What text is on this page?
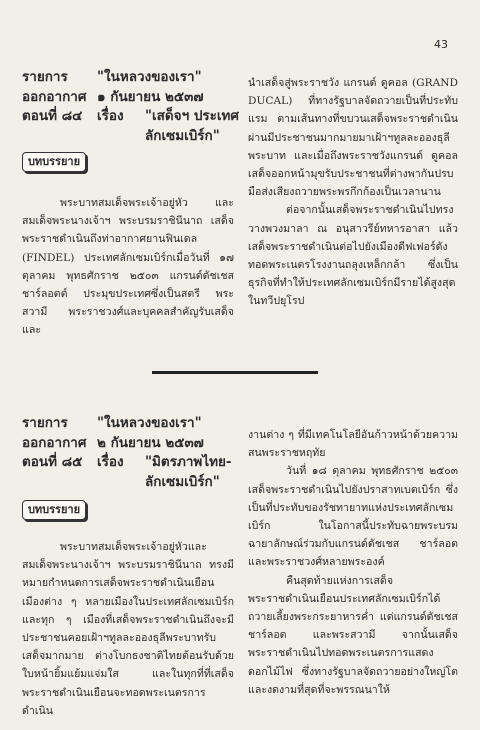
43
รายการ "ในหลวงของเรา"
ออกอากาศ ๑ กันยายน ๒๕๓๗
ตอนที่ ๘๔ เรื่อง "เสด็จฯ ประเทศ
ลักเซมเบิร์ก"
บทบรรยาย

พระบาทสมเด็จพระเจ้าอยู่หัว และสมเด็จพระนางเจ้าฯ พระบรมราชินีนาถ เสด็จพระราชดำเนินถึงท่าอากาศยานฟินเดล (FINDEL) ประเทศลักเซมเบิร์กเมื่อวันที่ ๑๗ ตุลาคม พุทธศักราช ๒๕๐๓ แกรนด์ดัชเชส ชาร์ลอตต์ ประมุขประเทศซึ่งเป็นสตรี พระสวามี พระราชวงศ์และบุคคลสำคัญรับเสด็จ และ

นำเสด็จสู่พระราชวัง แกรนด์ ดูคอล (GRAND DUCAL) ที่ทางรัฐบาลจัดถวายเป็นที่ประทับแรม ตามเส้นทางที่ขบวนเสด็จพระราชดำเนินผ่านมีประชาชนมากมายมาเฝ้าฯทูลละอองธุลีพระบาท และเมื่อถึงพระราชวังแกรนด์ ดูคอล เสด็จออกหน้ามุขรับประชาชนที่ต่างพากันปรบมือส่งเสียงถวายพระพรกึกก้องเป็นเวลานาน

ต่อจากนั้นเสด็จพระราชดำเนินไปทรงวางพวงมาลา ณ อนุสาวรีย์ทหารอาสา แล้วเสด็จพระราชดำเนินต่อไปยังเมืองดีฟเฟอร์ดังทอดพระเนตรโรงงานถลุงเหล็กกล้า ซึ่งเป็นธุรกิจที่ทำให้ประเทศลักเซมเบิร์กมีรายได้สูงสุดในทวีปยุโรป

รายการ "ในหลวงของเรา"
ออกอากาศ ๒ กันยายน ๒๕๓๗
ตอนที่ ๘๕ เรื่อง "มิตรภาพไทย-
ลักเซมเบิร์ก"
บทบรรยาย

พระบาทสมเด็จพระเจ้าอยู่หัวและสมเด็จพระนางเจ้าฯ พระบรมราชินีนาถ ทรงมีหมายกำหนดการเสด็จพระราชดำเนินเยือนเมืองต่าง ๆ หลายเมืองในประเทศลักเซมเบิร์ก และทุก ๆ เมืองที่เสด็จพระราชดำเนินถึงจะมีประชาชนคอยเฝ้าฯทูลละอองธุลีพระบาทรับเสด็จมากมาย ต่างโบกธงชาติไทยต้อนรับด้วยใบหน้ายิ้มแย้มแจ่มใส และในทุกที่ที่เสด็จพระราชดำเนินเยือนจะทอดพระเนตรการดำเนิน

งานต่าง ๆ ที่มีเทคโนโลยีอันก้าวหน้าด้วยความสนพระราชหฤทัย

วันที่ ๑๘ ตุลาคม พุทธศักราช ๒๕๐๓ เสด็จพระราชดำเนินไปยังปราสาทเบตเบิร์ก ซึ่งเป็นที่ประทับของรัชทายาทแห่งประเทศลักเซมเบิร์ก ในโอกาสนี้ประทับฉายพระบรมฉายาลักษณ์ร่วมกับแกรนด์ดัชเชส ชาร์ลอต และพระราชวงศ์หลายพระองค์

คืนสุดท้ายแห่งการเสด็จพระราชดำเนินเยือนประเทศลักเซมเบิร์กได้ถวายเลี้ยงพระกระยาหารค่ำ แด่แกรนด์ดัชเชส ชาร์ลอต และพระสวามี จากนั้นเสด็จพระราชดำเนินไปทอดพระเนตรการแสดงดอกไม้ไฟ ซึ่งทางรัฐบาลจัดถวายอย่างใหญ่โตและงดงามที่สุดที่จะพรรณนาให้
